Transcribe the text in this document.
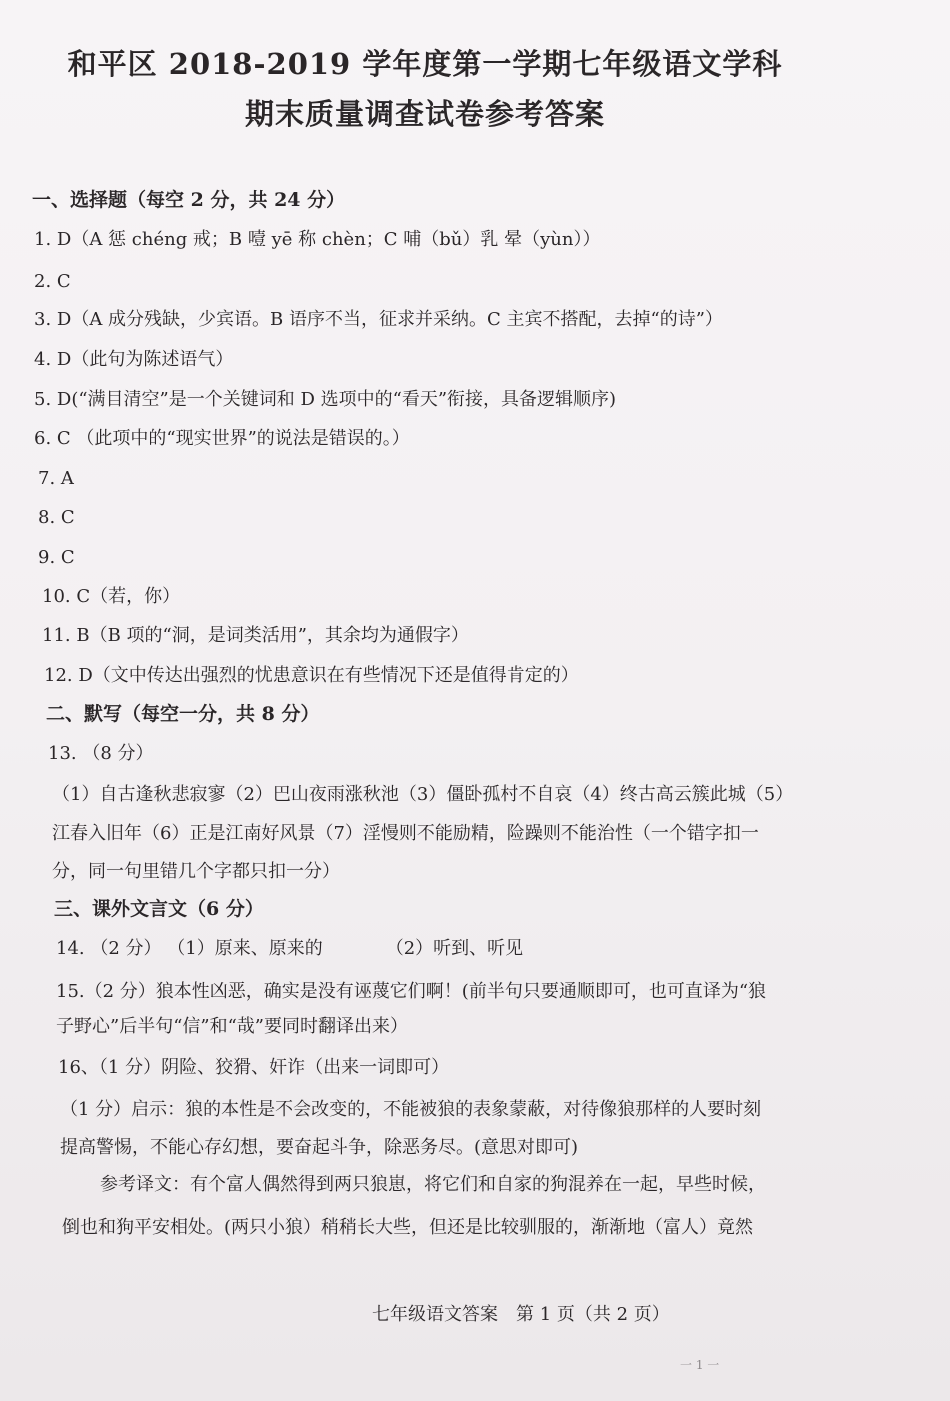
和平区 2018-2019 学年度第一学期七年级语文学科
期末质量调查试卷参考答案
一、选择题（每空 2 分，共 24 分）
1. D（A 惩 chéng 戒；B 噎 yē 称 chèn；C 哺（bǔ）乳 晕（yùn））
2. C
3. D（A 成分残缺，少宾语。B 语序不当，征求并采纳。C 主宾不搭配，去掉“的诗”）
4. D（此句为陈述语气）
5. D(“满目清空”是一个关键词和 D 选项中的“看天”衔接，具备逻辑顺序)
6. C （此项中的“现实世界”的说法是错误的。）
7. A
8. C
9. C
10. C（若，你）
11. B（B 项的“洞，是词类活用”，其余均为通假字）
12. D（文中传达出强烈的忧患意识在有些情况下还是值得肯定的）
二、默写（每空一分，共 8 分）
13. （8 分）
（1）自古逢秋悲寂寥（2）巴山夜雨涨秋池（3）僵卧孤村不自哀（4）终古高云簇此城（5）
江春入旧年（6）正是江南好风景（7）淫慢则不能励精，险躁则不能治性（一个错字扣一
分，同一句里错几个字都只扣一分）
三、课外文言文（6 分）
14. （2 分） （1）原来、原来的　　　　（2）听到、听见
15.（2 分）狼本性凶恶，确实是没有诬蔑它们啊！(前半句只要通顺即可，也可直译为“狼
子野心”后半句“信”和“哉”要同时翻译出来）
16、（1 分）阴险、狡猾、奸诈（出来一词即可）
（1 分）启示：狼的本性是不会改变的，不能被狼的表象蒙蔽，对待像狼那样的人要时刻
提高警惕，不能心存幻想，要奋起斗争，除恶务尽。(意思对即可)
参考译文：有个富人偶然得到两只狼崽，将它们和自家的狗混养在一起，早些时候，
倒也和狗平安相处。(两只小狼）稍稍长大些，但还是比较驯服的，渐渐地（富人）竟然
七年级语文答案　第 1 页（共 2 页）
一 1 一
